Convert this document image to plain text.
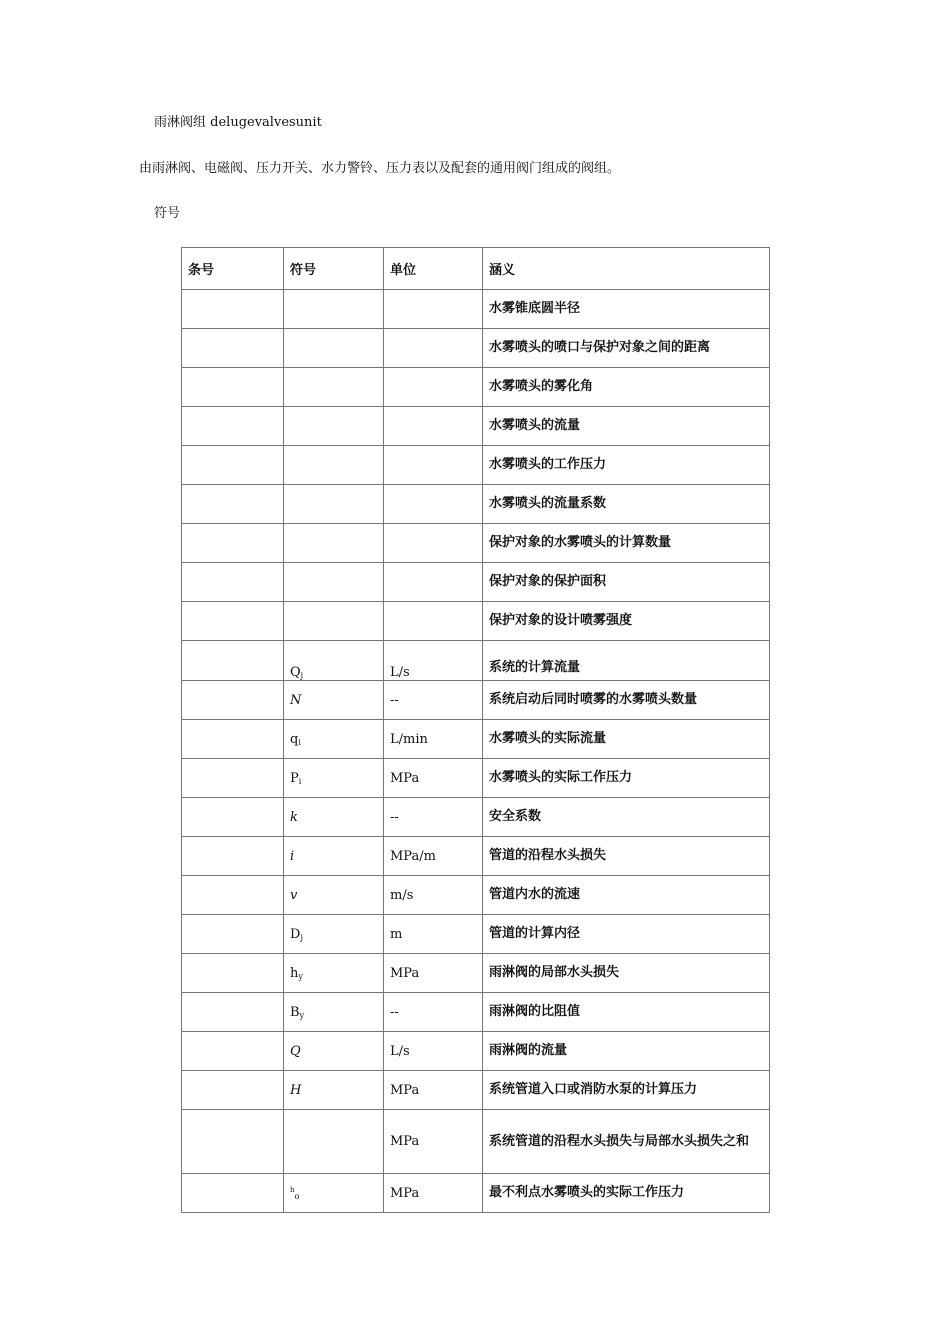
雨淋阀组 delugevalvesunit
由雨淋阀、电磁阀、压力开关、水力警铃、压力表以及配套的通用阀门组成的阀组。
符号
条号	符号	单位	涵义
			水雾锥底圆半径
			水雾喷头的喷口与保护对象之间的距离
			水雾喷头的雾化角
			水雾喷头的流量
			水雾喷头的工作压力
			水雾喷头的流量系数
			保护对象的水雾喷头的计算数量
			保护对象的保护面积
			保护对象的设计喷雾强度
	$Q_j$	L/s	系统的计算流量
	N	--	系统启动后同时喷雾的水雾喷头数量
	$q_i$	L/min	水雾喷头的实际流量
	$P_i$	MPa	水雾喷头的实际工作压力
	k	--	安全系数
	i	MPa/m	管道的沿程水头损失
	v	m/s	管道内水的流速
	$D_j$	m	管道的计算内径
	$h_y$	MPa	雨淋阀的局部水头损失
	$B_y$	--	雨淋阀的比阻值
	Q	L/s	雨淋阀的流量
	H	MPa	系统管道入口或消防水泵的计算压力
		MPa	系统管道的沿程水头损失与局部水头损失之和
	$^h_o$	MPa	最不利点水雾喷头的实际工作压力
